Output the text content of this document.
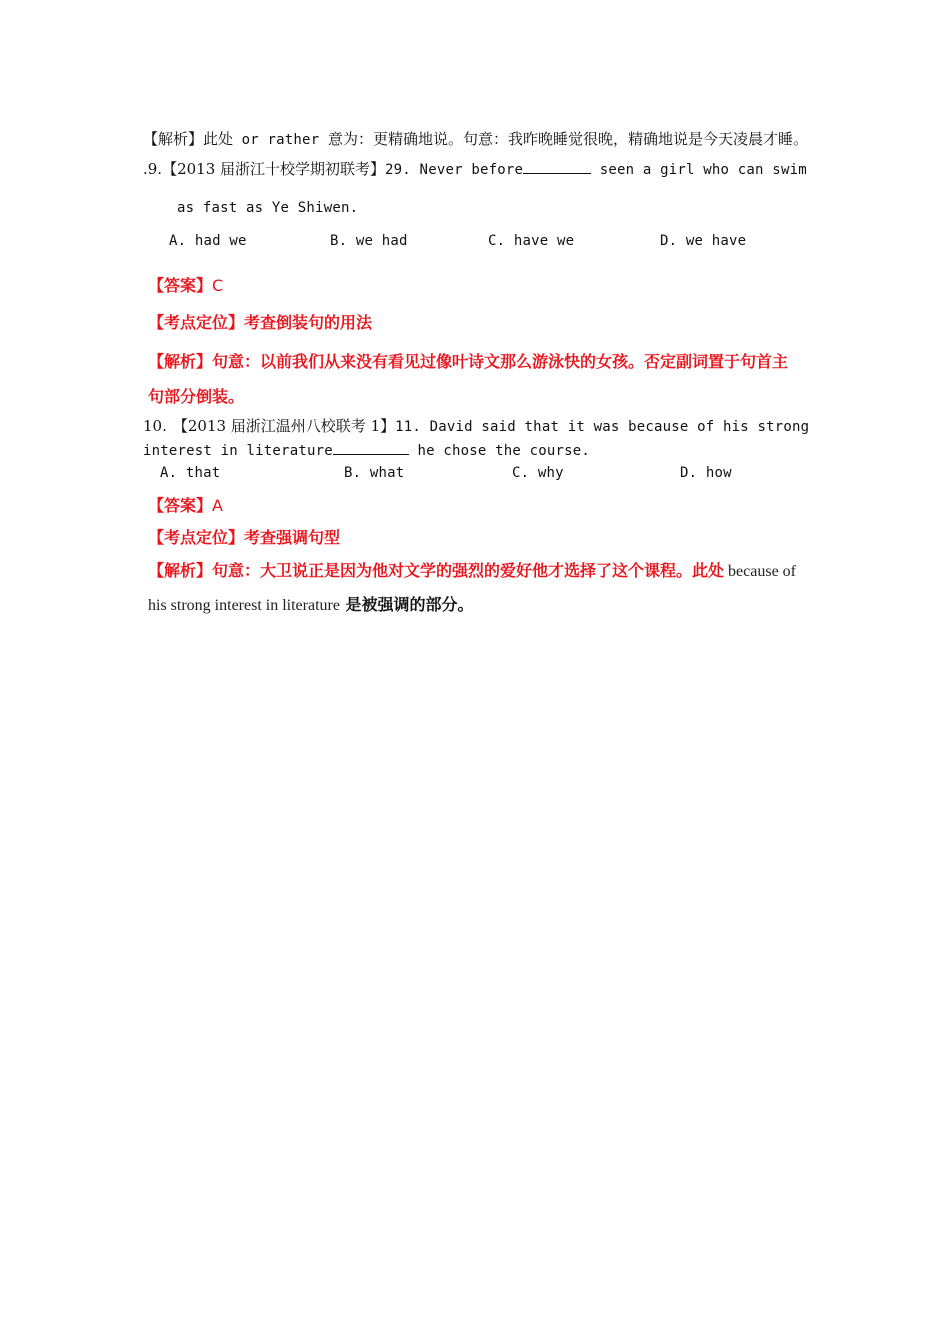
【解析】此处 or rather 意为：更精确地说。句意：我昨晚睡觉很晚，精确地说是今天凌晨才睡。
.9.【2013 届浙江十校学期初联考】29. Never before	seen a girl who can swim
as fast as Ye Shiwen.
A. had we	B. we had	C. have we	D. we have
【答案】C
【考点定位】考查倒装句的用法
【解析】句意：以前我们从来没有看见过像叶诗文那么游泳快的女孩。否定副词置于句首主
句部分倒装。
10. 【2013 届浙江温州八校联考 1】11. David said that it was because of his strong
interest in literature	he chose the course.
A. that	B. what	C. why	D. how
【答案】A
【考点定位】考查强调句型
【解析】句意：大卫说正是因为他对文学的强烈的爱好他才选择了这个课程。此处 because of
his strong interest in literature 是被强调的部分。
